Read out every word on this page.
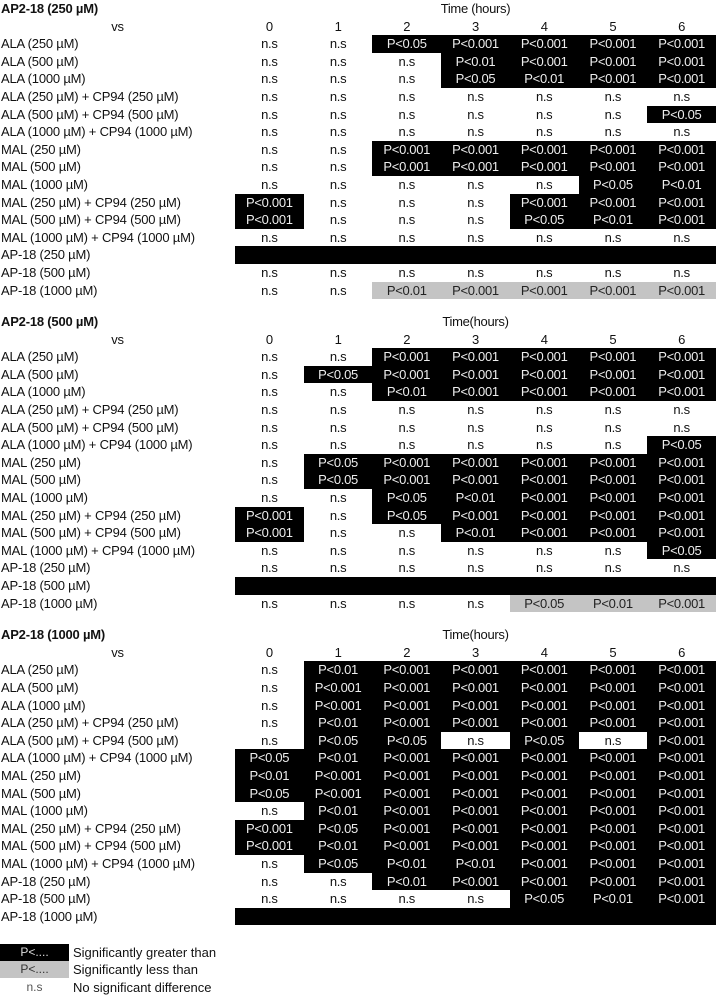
AP2-18 (250 µM)	Time (hours)						
vs	0	1	2	3	4	5	6
ALA (250 µM)	n.s	n.s	P<0.05	P<0.001	P<0.001	P<0.001	P<0.001
ALA (500 µM)	n.s	n.s	n.s	P<0.01	P<0.001	P<0.001	P<0.001
ALA (1000 µM)	n.s	n.s	n.s	P<0.05	P<0.01	P<0.001	P<0.001
ALA (250 µM) + CP94 (250 µM)	n.s	n.s	n.s	n.s	n.s	n.s	n.s
ALA (500 µM) + CP94 (500 µM)	n.s	n.s	n.s	n.s	n.s	n.s	P<0.05
ALA (1000 µM) + CP94 (1000 µM)	n.s	n.s	n.s	n.s	n.s	n.s	n.s
MAL (250 µM)	n.s	n.s	P<0.001	P<0.001	P<0.001	P<0.001	P<0.001
MAL (500 µM)	n.s	n.s	P<0.001	P<0.001	P<0.001	P<0.001	P<0.001
MAL (1000 µM)	n.s	n.s	n.s	n.s	n.s	P<0.05	P<0.01
MAL (250 µM) + CP94 (250 µM)	P<0.001	n.s	n.s	n.s	P<0.001	P<0.001	P<0.001
MAL (500 µM) + CP94 (500 µM)	P<0.001	n.s	n.s	n.s	P<0.05	P<0.01	P<0.001
MAL (1000 µM) + CP94 (1000 µM)	n.s	n.s	n.s	n.s	n.s	n.s	n.s
AP-18 (250 µM)							
AP-18 (500 µM)	n.s	n.s	n.s	n.s	n.s	n.s	n.s
AP-18 (1000 µM)	n.s	n.s	P<0.01	P<0.001	P<0.001	P<0.001	P<0.001
AP2-18 (500 µM)	Time(hours)						
vs	0	1	2	3	4	5	6
ALA (250 µM)	n.s	n.s	P<0.001	P<0.001	P<0.001	P<0.001	P<0.001
ALA (500 µM)	n.s	P<0.05	P<0.001	P<0.001	P<0.001	P<0.001	P<0.001
ALA (1000 µM)	n.s	n.s	P<0.01	P<0.001	P<0.001	P<0.001	P<0.001
ALA (250 µM) + CP94 (250 µM)	n.s	n.s	n.s	n.s	n.s	n.s	n.s
ALA (500 µM) + CP94 (500 µM)	n.s	n.s	n.s	n.s	n.s	n.s	n.s
ALA (1000 µM) + CP94 (1000 µM)	n.s	n.s	n.s	n.s	n.s	n.s	P<0.05
MAL (250 µM)	n.s	P<0.05	P<0.001	P<0.001	P<0.001	P<0.001	P<0.001
MAL (500 µM)	n.s	P<0.05	P<0.001	P<0.001	P<0.001	P<0.001	P<0.001
MAL (1000 µM)	n.s	n.s	P<0.05	P<0.01	P<0.001	P<0.001	P<0.001
MAL (250 µM) + CP94 (250 µM)	P<0.001	n.s	P<0.05	P<0.001	P<0.001	P<0.001	P<0.001
MAL (500 µM) + CP94 (500 µM)	P<0.001	n.s	n.s	P<0.01	P<0.001	P<0.001	P<0.001
MAL (1000 µM) + CP94 (1000 µM)	n.s	n.s	n.s	n.s	n.s	n.s	P<0.05
AP-18 (250 µM)	n.s	n.s	n.s	n.s	n.s	n.s	n.s
AP-18 (500 µM)							
AP-18 (1000 µM)	n.s	n.s	n.s	n.s	P<0.05	P<0.01	P<0.001
AP2-18 (1000 µM)	Time(hours)						
vs	0	1	2	3	4	5	6
ALA (250 µM)	n.s	P<0.01	P<0.001	P<0.001	P<0.001	P<0.001	P<0.001
ALA (500 µM)	n.s	P<0.001	P<0.001	P<0.001	P<0.001	P<0.001	P<0.001
ALA (1000 µM)	n.s	P<0.001	P<0.001	P<0.001	P<0.001	P<0.001	P<0.001
ALA (250 µM) + CP94 (250 µM)	n.s	P<0.01	P<0.001	P<0.001	P<0.001	P<0.001	P<0.001
ALA (500 µM) + CP94 (500 µM)	n.s	P<0.05	P<0.05	n.s	P<0.05	n.s	P<0.001
ALA (1000 µM) + CP94 (1000 µM)	P<0.05	P<0.01	P<0.001	P<0.001	P<0.001	P<0.001	P<0.001
MAL (250 µM)	P<0.01	P<0.001	P<0.001	P<0.001	P<0.001	P<0.001	P<0.001
MAL (500 µM)	P<0.05	P<0.001	P<0.001	P<0.001	P<0.001	P<0.001	P<0.001
MAL (1000 µM)	n.s	P<0.01	P<0.001	P<0.001	P<0.001	P<0.001	P<0.001
MAL (250 µM) + CP94 (250 µM)	P<0.001	P<0.05	P<0.001	P<0.001	P<0.001	P<0.001	P<0.001
MAL (500 µM) + CP94 (500 µM)	P<0.001	P<0.01	P<0.001	P<0.001	P<0.001	P<0.001	P<0.001
MAL (1000 µM) + CP94 (1000 µM)	n.s	P<0.05	P<0.01	P<0.01	P<0.001	P<0.001	P<0.001
AP-18 (250 µM)	n.s	n.s	P<0.01	P<0.001	P<0.001	P<0.001	P<0.001
AP-18 (500 µM)	n.s	n.s	n.s	n.s	P<0.05	P<0.01	P<0.001
AP-18 (1000 µM)							
P<....	Significantly greater than
P<....	Significantly less than
n.s	No significant difference
